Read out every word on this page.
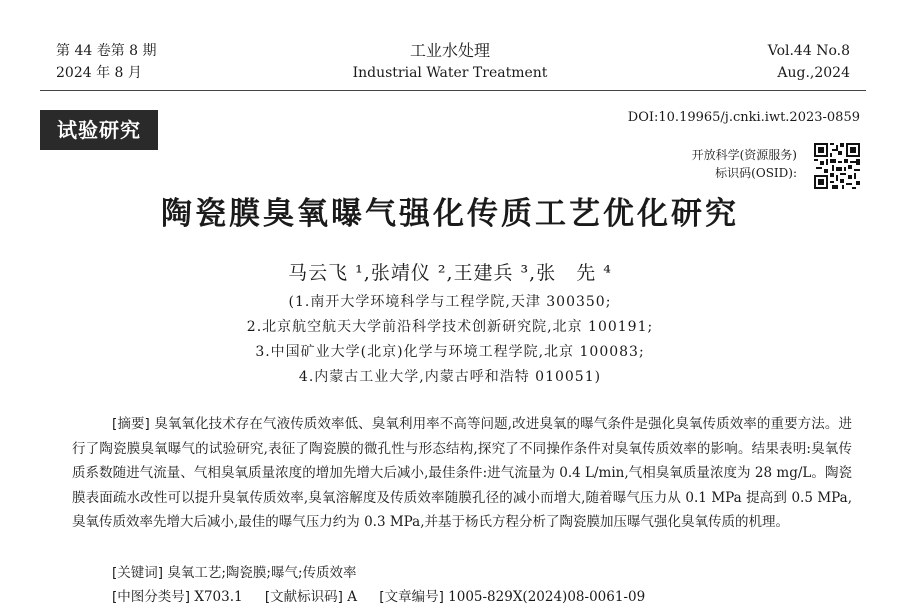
第 44 卷第 8 期
2024 年 8 月
工业水处理
Industrial Water Treatment
Vol.44 No.8
Aug.,2024
试验研究
DOI:10.19965/j.cnki.iwt.2023-0859
开放科学(资源服务)
标识码(OSID):
陶瓷膜臭氧曝气强化传质工艺优化研究
马云飞 ¹,张靖仪 ²,王建兵 ³,张　先 ⁴
(1.南开大学环境科学与工程学院,天津 300350;
2.北京航空航天大学前沿科学技术创新研究院,北京 100191;
3.中国矿业大学(北京)化学与环境工程学院,北京 100083;
4.内蒙古工业大学,内蒙古呼和浩特 010051)
[摘要] 臭氧氧化技术存在气液传质效率低、臭氧利用率不高等问题,改进臭氧的曝气条件是强化臭氧传质效率的重要方法。进行了陶瓷膜臭氧曝气的试验研究,表征了陶瓷膜的微孔性与形态结构,探究了不同操作条件对臭氧传质效率的影响。结果表明:臭氧传质系数随进气流量、气相臭氧质量浓度的增加先增大后减小,最佳条件:进气流量为 0.4 L/min,气相臭氧质量浓度为 28 mg/L。陶瓷膜表面疏水改性可以提升臭氧传质效率,臭氧溶解度及传质效率随膜孔径的减小而增大,随着曝气压力从 0.1 MPa 提高到 0.5 MPa,臭氧传质效率先增大后减小,最佳的曝气压力约为 0.3 MPa,并基于杨氏方程分析了陶瓷膜加压曝气强化臭氧传质的机理。
[关键词] 臭氧工艺;陶瓷膜;曝气;传质效率
[中图分类号] X703.1 [文献标识码] A [文章编号] 1005-829X(2024)08-0061-09
